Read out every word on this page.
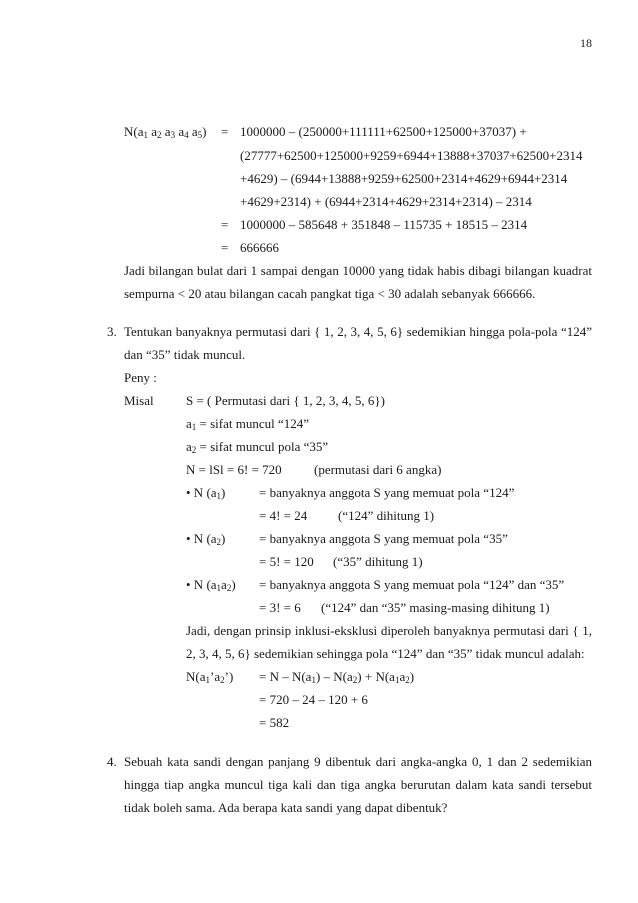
18
$N(a_1$ $a_2$ $a_3$ $a_4$ $a_5) = 1000000 - (250000+111111+62500+125000+37037)$ +
(27777+62500+125000+9259+6944+13888+37037+62500+2314
+4629) – (6944+13888+9259+62500+2314+4629+6944+2314
+4629+2314) + (6944+2314+4629+2314+2314) – 2314
= 1000000 – 585648 + 351848 – 115735 + 18515 – 2314
= 666666
Jadi bilangan bulat dari 1 sampai dengan 10000 yang tidak habis dibagi bilangan kuadrat
sempurna < 20 atau bilangan cacah pangkat tiga < 30 adalah sebanyak 666666.
3. Tentukan banyaknya permutasi dari { 1, 2, 3, 4, 5, 6} sedemikian hingga pola-pola “124”
dan “35” tidak muncul.
Peny :
Misal S = ( Permutasi dari { 1, 2, 3, 4, 5, 6})
$a_1$ = sifat muncul “124”
$a_2$ = sifat muncul pola “35”
N = lSl = 6! = 720 (permutasi dari 6 angka)
• N $(a_1)$	= banyaknya anggota S yang memuat pola “124”
= 4! = 24 (“124” dihitung 1)
• N $(a_2)$	= banyaknya anggota S yang memuat pola “35”
= 5! = 120 (“35” dihitung 1)
• N $(a_1a_2)$ = banyaknya anggota S yang memuat pola “124” dan “35”
= 3! = 6 (“124” dan “35” masing-masing dihitung 1)
Jadi, dengan prinsip inklusi-eksklusi diperoleh banyaknya permutasi dari { 1,
2, 3, 4, 5, 6} sedemikian sehingga pola “124” dan “35” tidak muncul adalah:
$N(a_1’a_2’) = N - N(a_1) - N(a_2) + N(a_1a_2)$
= 720 – 24 – 120 + 6
= 582
4. Sebuah kata sandi dengan panjang 9 dibentuk dari angka-angka 0, 1 dan 2 sedemikian
hingga tiap angka muncul tiga kali dan tiga angka berurutan dalam kata sandi tersebut
tidak boleh sama. Ada berapa kata sandi yang dapat dibentuk?
